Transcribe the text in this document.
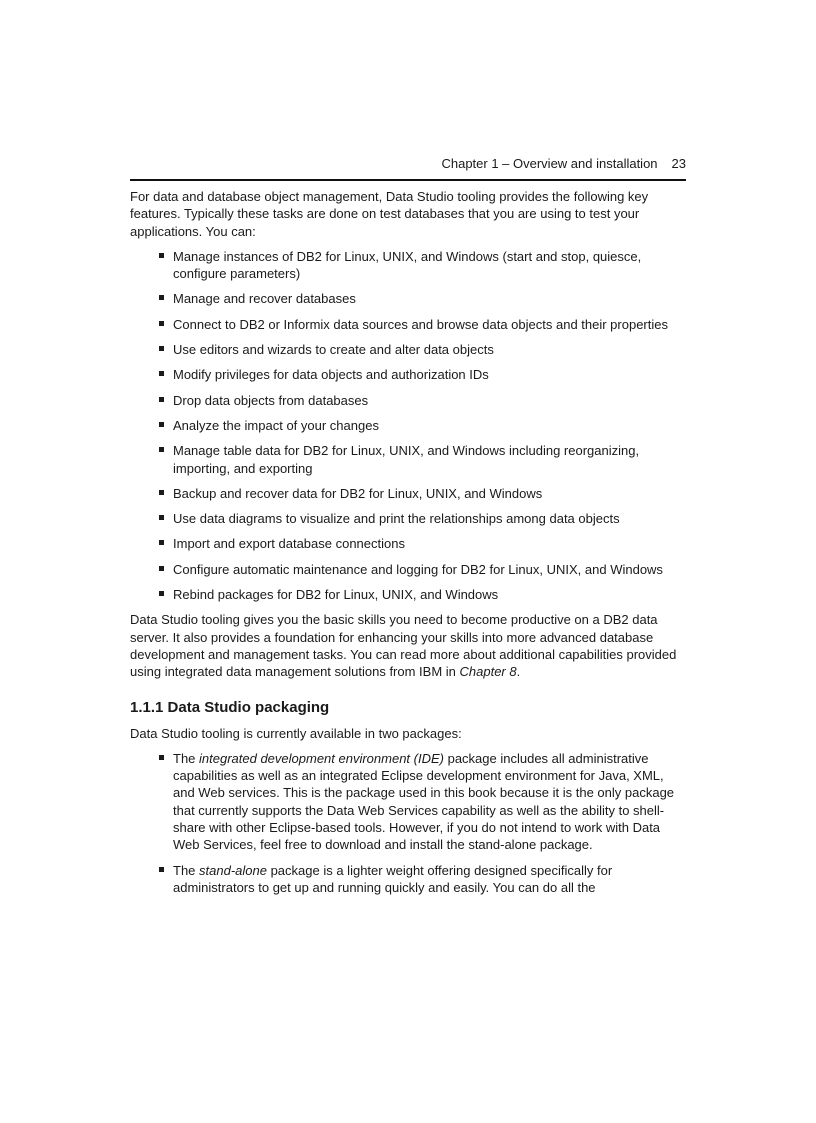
Chapter 1 – Overview and installation 23

For data and database object management, Data Studio tooling provides the following key features. Typically these tasks are done on test databases that you are using to test your applications. You can:

Manage instances of DB2 for Linux, UNIX, and Windows (start and stop, quiesce, configure parameters)
Manage and recover databases
Connect to DB2 or Informix data sources and browse data objects and their properties
Use editors and wizards to create and alter data objects
Modify privileges for data objects and authorization IDs
Drop data objects from databases
Analyze the impact of your changes
Manage table data for DB2 for Linux, UNIX, and Windows including reorganizing, importing, and exporting
Backup and recover data for DB2 for Linux, UNIX, and Windows
Use data diagrams to visualize and print the relationships among data objects
Import and export database connections
Configure automatic maintenance and logging for DB2 for Linux, UNIX, and Windows
Rebind packages for DB2 for Linux, UNIX, and Windows

Data Studio tooling gives you the basic skills you need to become productive on a DB2 data server. It also provides a foundation for enhancing your skills into more advanced database development and management tasks. You can read more about additional capabilities provided using integrated data management solutions from IBM in Chapter 8.

1.1.1 Data Studio packaging

Data Studio tooling is currently available in two packages:

The integrated development environment (IDE) package includes all administrative capabilities as well as an integrated Eclipse development environment for Java, XML, and Web services. This is the package used in this book because it is the only package that currently supports the Data Web Services capability as well as the ability to shell-share with other Eclipse-based tools. However, if you do not intend to work with Data Web Services, feel free to download and install the stand-alone package.
The stand-alone package is a lighter weight offering designed specifically for administrators to get up and running quickly and easily. You can do all the
